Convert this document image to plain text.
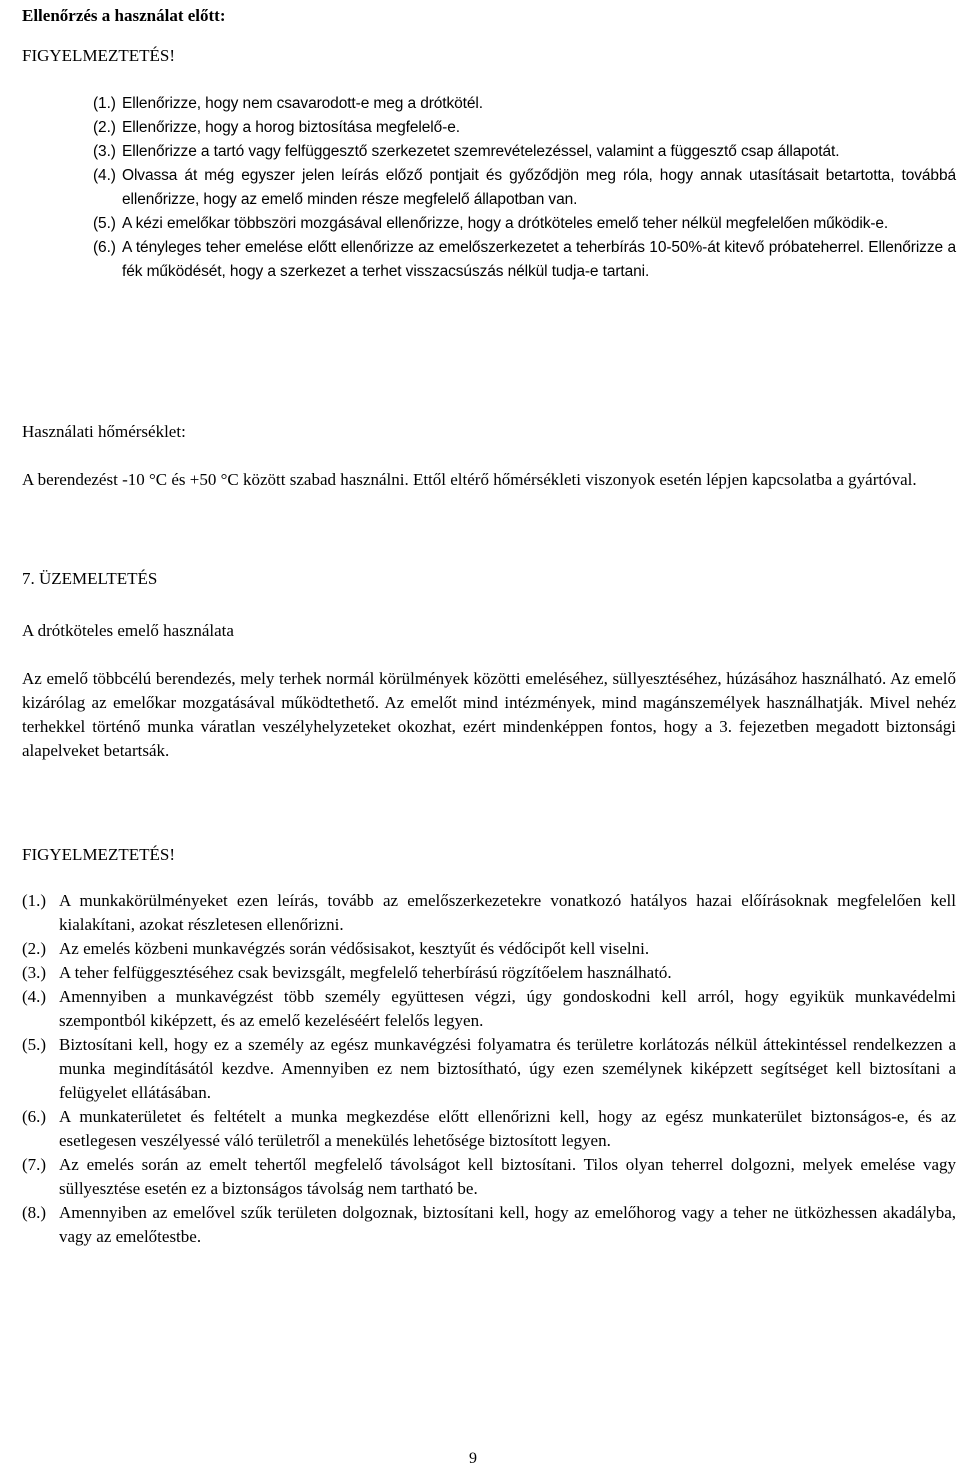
Ellenőrzés a használat előtt:
FIGYELMEZTETÉS!
(1.) Ellenőrizze, hogy nem csavarodott-e meg a drótkötél.
(2.) Ellenőrizze, hogy a horog biztosítása megfelelő-e.
(3.) Ellenőrizze a tartó vagy felfüggesztő szerkezetet szemrevételezéssel, valamint a függesztő csap állapotát.
(4.) Olvassa át még egyszer jelen leírás előző pontjait és győződjön meg róla, hogy annak utasításait betartotta, továbbá ellenőrizze, hogy az emelő minden része megfelelő állapotban van.
(5.) A kézi emelőkar többszöri mozgásával ellenőrizze, hogy a drótköteles emelő teher nélkül megfelelően működik-e.
(6.) A tényleges teher emelése előtt ellenőrizze az emelőszerkezetet a teherbírás 10-50%-át kitevő próbateherrel. Ellenőrizze a fék működését, hogy a szerkezet a terhet visszacsúszás nélkül tudja-e tartani.
Használati hőmérséklet:
A berendezést -10 °C és +50 °C között szabad használni. Ettől eltérő hőmérsékleti viszonyok esetén lépjen kapcsolatba a gyártóval.
7. ÜZEMELTETÉS
A drótköteles emelő használata
Az emelő többcélú berendezés, mely terhek normál körülmények közötti emeléséhez, süllyesztéséhez, húzásához használható. Az emelő kizárólag az emelőkar mozgatásával működtethető. Az emelőt mind intézmények, mind magánszemélyek használhatják. Mivel nehéz terhekkel történő munka váratlan veszélyhelyzeteket okozhat, ezért mindenképpen fontos, hogy a 3. fejezetben megadott biztonsági alapelveket betartsák.
FIGYELMEZTETÉS!
(1.) A munkakörülményeket ezen leírás, tovább az emelőszerkezetekre vonatkozó hatályos hazai előírásoknak megfelelően kell kialakítani, azokat részletesen ellenőrizni.
(2.) Az emelés közbeni munkavégzés során védősisakot, kesztyűt és védőcipőt kell viselni.
(3.) A teher felfüggesztéséhez csak bevizsgált, megfelelő teherbírású rögzítőelem használható.
(4.) Amennyiben a munkavégzést több személy együttesen végzi, úgy gondoskodni kell arról, hogy egyikük munkavédelmi szempontból kiképzett, és az emelő kezeléséért felelős legyen.
(5.) Biztosítani kell, hogy ez a személy az egész munkavégzési folyamatra és területre korlátozás nélkül áttekintéssel rendelkezzen a munka megindításától kezdve. Amennyiben ez nem biztosítható, úgy ezen személynek kiképzett segítséget kell biztosítani a felügyelet ellátásában.
(6.) A munkaterületet és feltételt a munka megkezdése előtt ellenőrizni kell, hogy az egész munkaterület biztonságos-e, és az esetlegesen veszélyessé váló területről a menekülés lehetősége biztosított legyen.
(7.) Az emelés során az emelt tehertől megfelelő távolságot kell biztosítani. Tilos olyan teherrel dolgozni, melyek emelése vagy süllyesztése esetén ez a biztonságos távolság nem tartható be.
(8.) Amennyiben az emelővel szűk területen dolgoznak, biztosítani kell, hogy az emelőhorog vagy a teher ne ütközhessen akadályba, vagy az emelőtestbe.
9
